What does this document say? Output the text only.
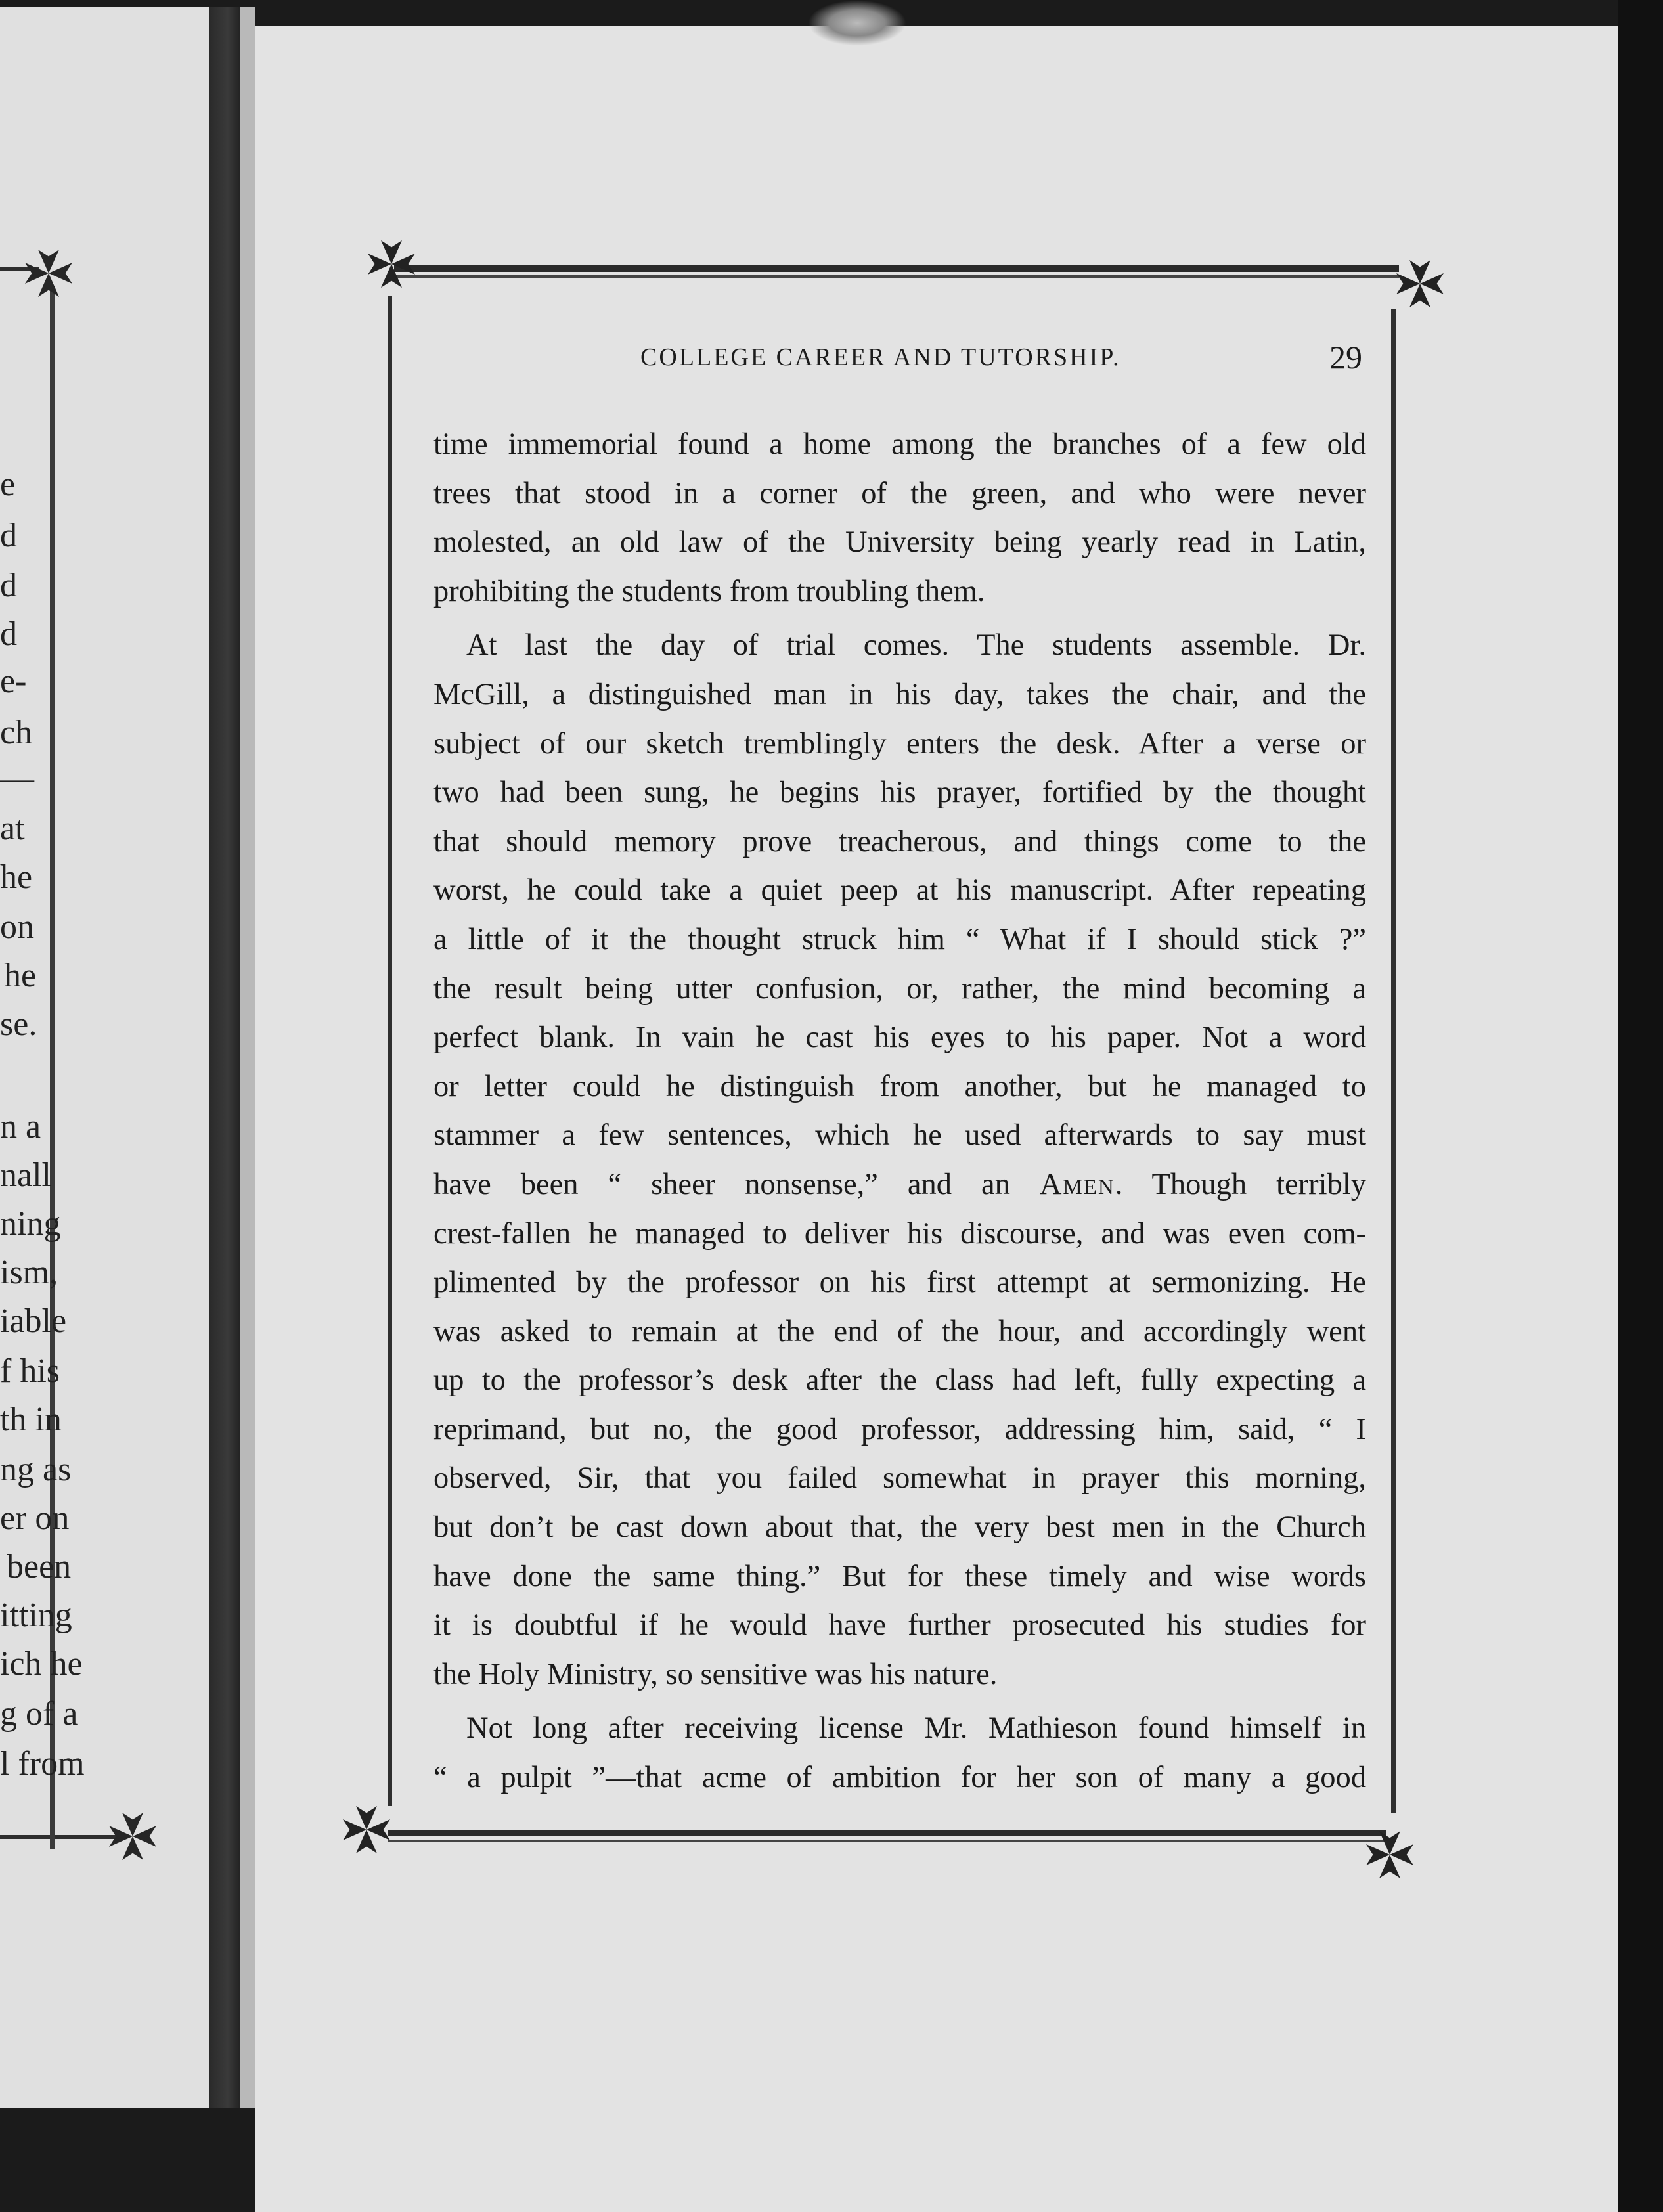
e
d
d
d
e-
ch
—
at
he
on
he
se.
n a
nall
ning
ism,
iable
f his
th in
ng as
er on
been
itting
ich he
g of a
l from
COLLEGE CAREER AND TUTORSHIP.	29
time immemorial found a home among the branches of a few old
trees that stood in a corner of the green, and who were never
molested, an old law of the University being yearly read in Latin,
prohibiting the students from troubling them.
At last the day of trial comes. The students assemble. Dr.
McGill, a distinguished man in his day, takes the chair, and the
subject of our sketch tremblingly enters the desk. After a verse or
two had been sung, he begins his prayer, fortified by the thought
that should memory prove treacherous, and things come to the
worst, he could take a quiet peep at his manuscript. After repeating
a little of it the thought struck him “ What if I should stick ?”
the result being utter confusion, or, rather, the mind becoming a
perfect blank. In vain he cast his eyes to his paper. Not a word
or letter could he distinguish from another, but he managed to
stammer a few sentences, which he used afterwards to say must
have been “ sheer nonsense,” and an Amen. Though terribly
crest-fallen he managed to deliver his discourse, and was even com-
plimented by the professor on his first attempt at sermonizing. He
was asked to remain at the end of the hour, and accordingly went
up to the professor’s desk after the class had left, fully expecting a
reprimand, but no, the good professor, addressing him, said, “ I
observed, Sir, that you failed somewhat in prayer this morning,
but don’t be cast down about that, the very best men in the Church
have done the same thing.” But for these timely and wise words
it is doubtful if he would have further prosecuted his studies for
the Holy Ministry, so sensitive was his nature.
Not long after receiving license Mr. Mathieson found himself in
“ a pulpit ”—that acme of ambition for her son of many a good
